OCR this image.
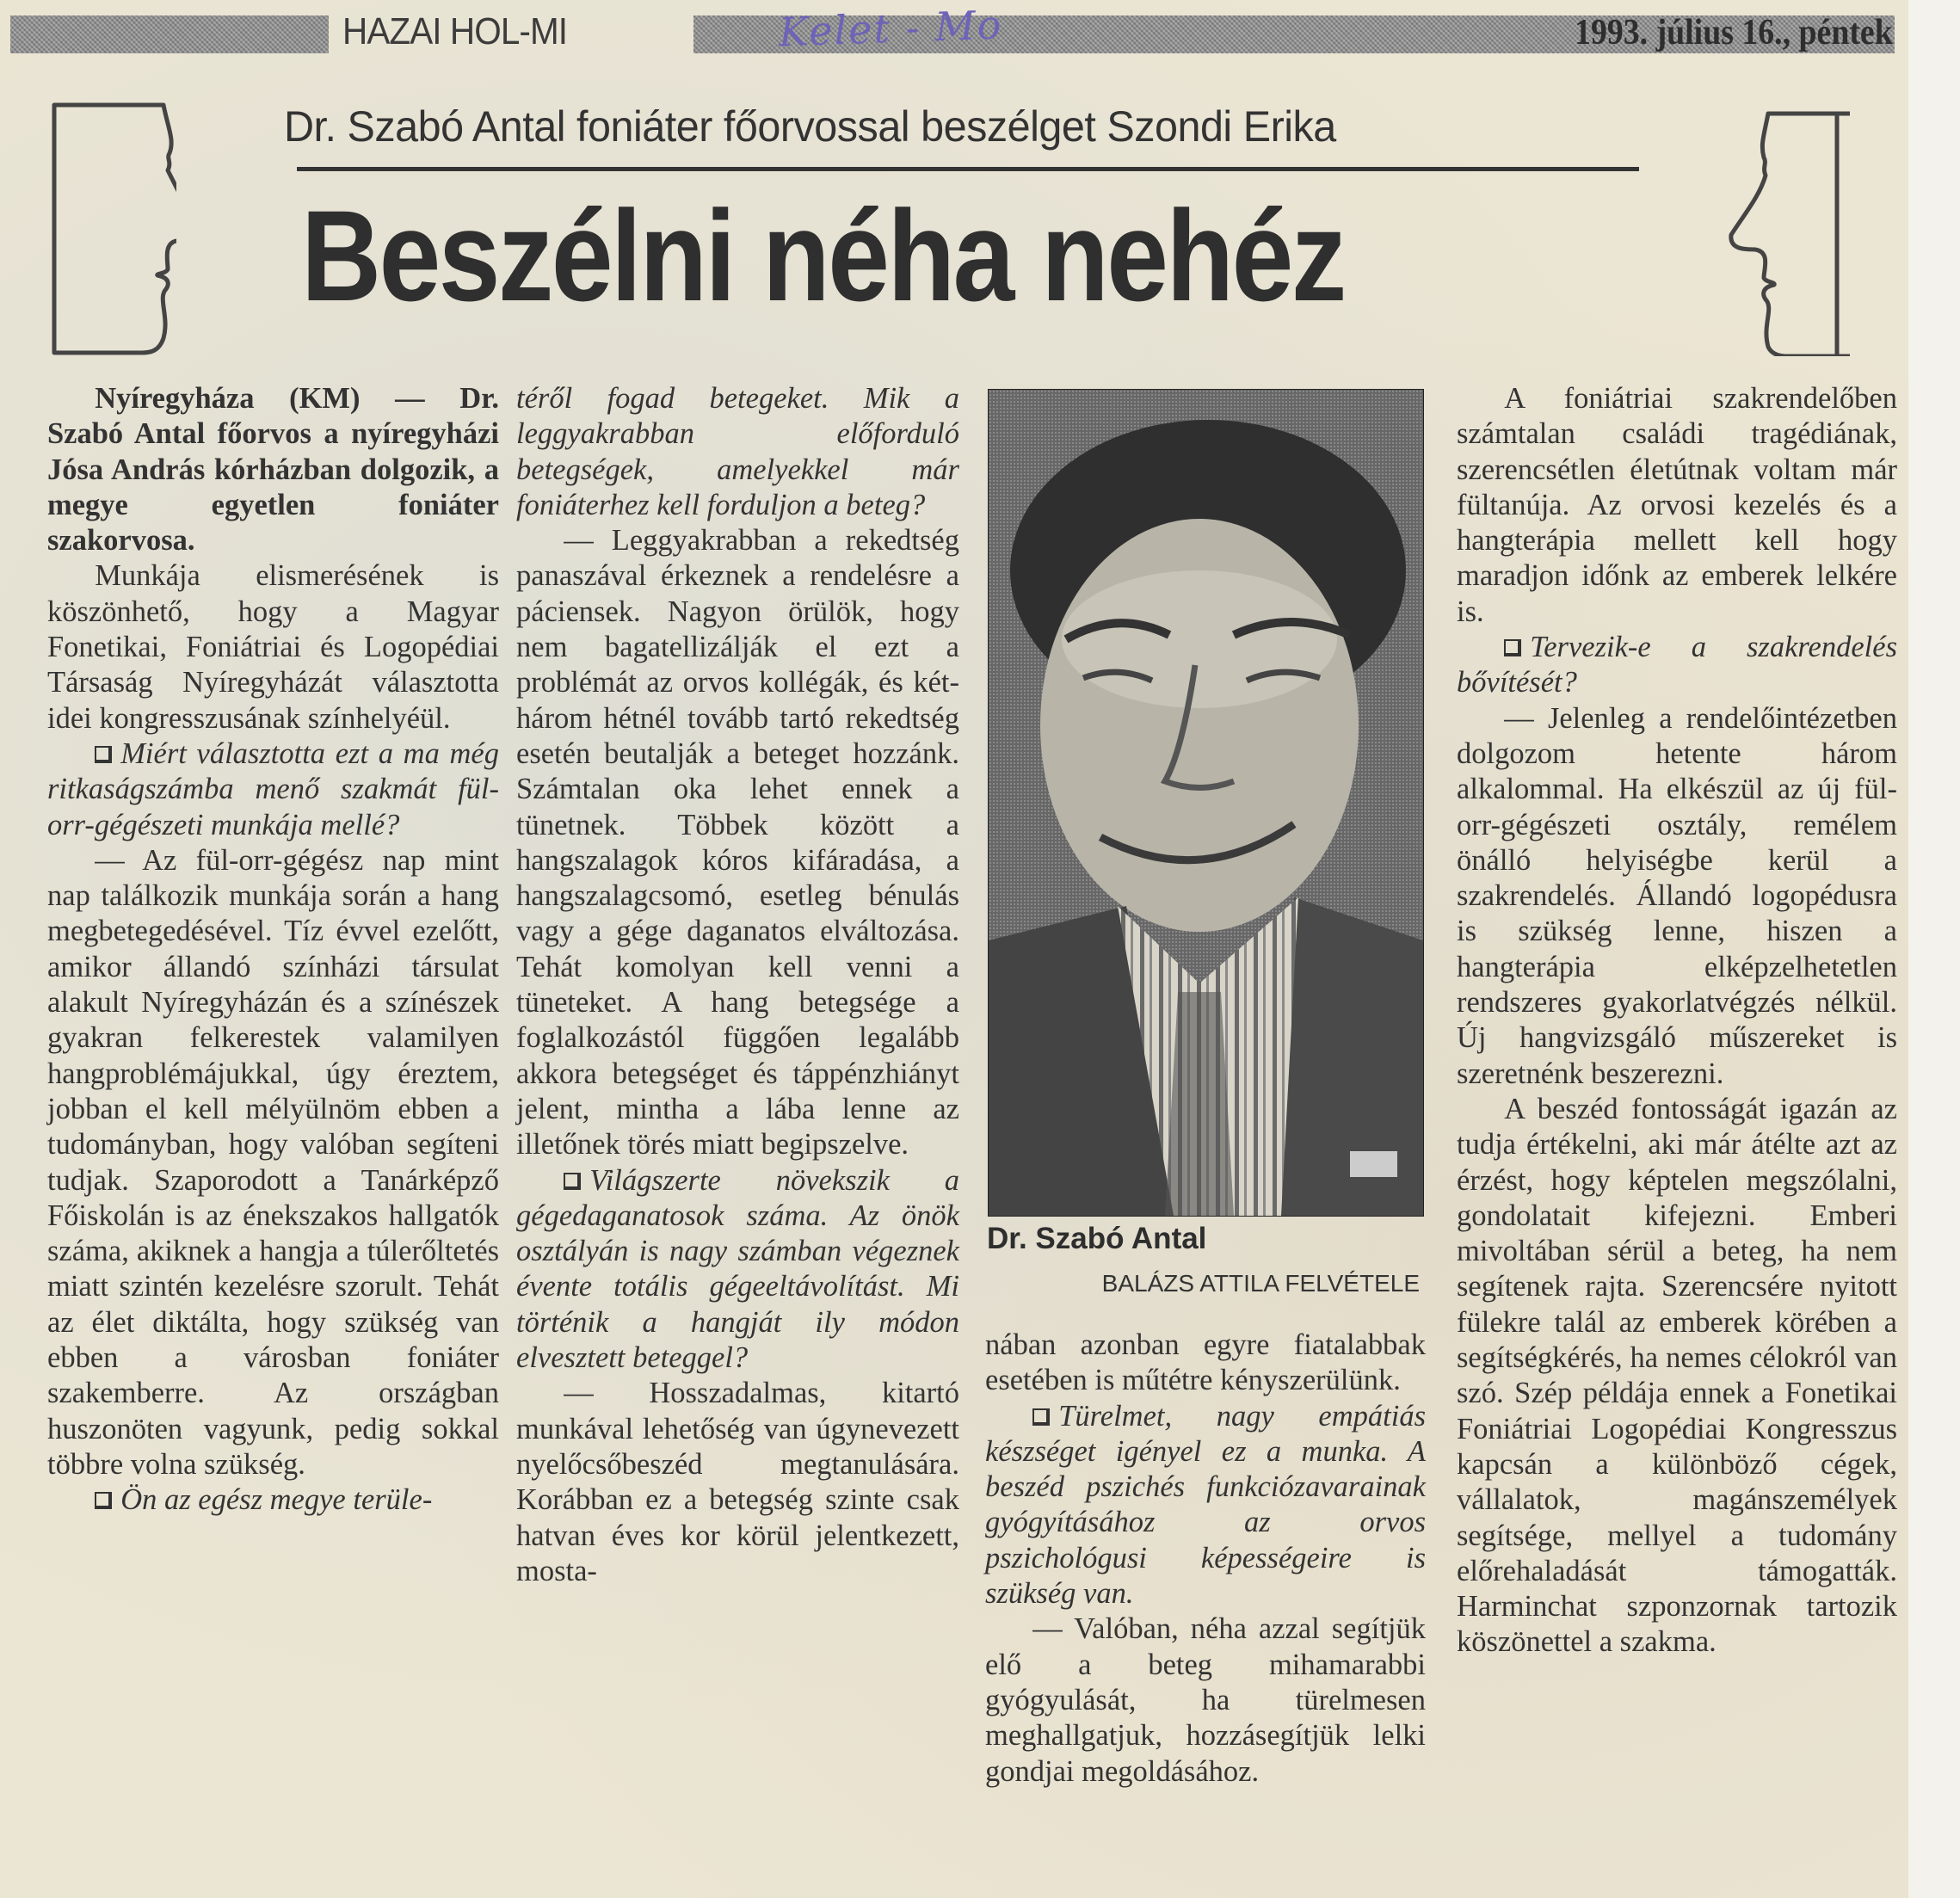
HAZAI HOL-MI	Kelet - Mo	1993. július 16., péntek
Dr. Szabó Antal foniáter főorvossal beszélget Szondi Erika
Beszélni néha nehéz

Nyíregyháza (KM) — Dr. Szabó Antal főorvos a nyíregyházi Jósa András kórházban dolgozik, a megye egyetlen foniáter szakorvosa.

Munkája elismerésének is köszönhető, hogy a Magyar Fonetikai, Foniátriai és Logopédiai Társaság Nyíregyházát választotta idei kongresszusának színhelyéül.

Miért választotta ezt a ma még ritkaságszámba menő szakmát fül-orr-gégészeti munkája mellé?

— Az fül-orr-gégész nap mint nap találkozik munkája során a hang megbetegedésével. Tíz évvel ezelőtt, amikor állandó színházi társulat alakult Nyíregyházán és a színészek gyakran felkerestek valamilyen hangproblémájukkal, úgy éreztem, jobban el kell mélyülnöm ebben a tudományban, hogy valóban segíteni tudjak. Szaporodott a Tanárképző Főiskolán is az énekszakos hallgatók száma, akiknek a hangja a túlerőltetés miatt szintén kezelésre szorult. Tehát az élet diktálta, hogy szükség van ebben a városban foniáter szakemberre. Az országban huszonöten vagyunk, pedig sokkal többre volna szükség.

Ön az egész megye terüle-

téről fogad betegeket. Mik a leggyakrabban előforduló betegségek, amelyekkel már foniáterhez kell forduljon a beteg?

— Leggyakrabban a rekedtség panaszával érkeznek a rendelésre a páciensek. Nagyon örülök, hogy nem bagatellizálják el ezt a problémát az orvos kollégák, és két-három hétnél tovább tartó rekedtség esetén beutalják a beteget hozzánk. Számtalan oka lehet ennek a tünetnek. Többek között a hangszalagok kóros kifáradása, a hangszalagcsomó, esetleg bénulás vagy a gége daganatos elváltozása. Tehát komolyan kell venni a tüneteket. A hang betegsége a foglalkozástól függően legalább akkora betegséget és táppénzhiányt jelent, mintha a lába lenne az illetőnek törés miatt begipszelve.

Világszerte növekszik a gégedaganatosok száma. Az önök osztályán is nagy számban végeznek évente totális gégeeltávolítást. Mi történik a hangját ily módon elvesztett beteggel?

— Hosszadalmas, kitartó munkával lehetőség van úgynevezett nyelőcsőbeszéd megtanulására. Korábban ez a betegség szinte csak hatvan éves kor körül jelentkezett, mosta-

Dr. Szabó Antal
BALÁZS ATTILA FELVÉTELE

nában azonban egyre fiatalabbak esetében is műtétre kényszerülünk.

Türelmet, nagy empátiás készséget igényel ez a munka. A beszéd pszichés funkciózavarainak gyógyításához az orvos pszichológusi képességeire is szükség van.

— Valóban, néha azzal segítjük elő a beteg mihamarabbi gyógyulását, ha türelmesen meghallgatjuk, hozzásegítjük lelki gondjai megoldásához.

A foniátriai szakrendelőben számtalan családi tragédiának, szerencsétlen életútnak voltam már fültanúja. Az orvosi kezelés és a hangterápia mellett kell hogy maradjon időnk az emberek lelkére is.

Tervezik-e a szakrendelés bővítését?

— Jelenleg a rendelőintézetben dolgozom hetente három alkalommal. Ha elkészül az új fül-orr-gégészeti osztály, remélem önálló helyiségbe kerül a szakrendelés. Állandó logopédusra is szükség lenne, hiszen a hangterápia elképzelhetetlen rendszeres gyakorlatvégzés nélkül. Új hangvizsgáló műszereket is szeretnénk beszerezni.

A beszéd fontosságát igazán az tudja értékelni, aki már átélte azt az érzést, hogy képtelen megszólalni, gondolatait kifejezni. Emberi mivoltában sérül a beteg, ha nem segítenek rajta. Szerencsére nyitott fülekre talál az emberek körében a segítségkérés, ha nemes célokról van szó. Szép példája ennek a Fonetikai Foniátriai Logopédiai Kongresszus kapcsán a különböző cégek, vállalatok, magánszemélyek segítsége, mellyel a tudomány előrehaladását támogatták. Harminchat szponzornak tartozik köszönettel a szakma.
